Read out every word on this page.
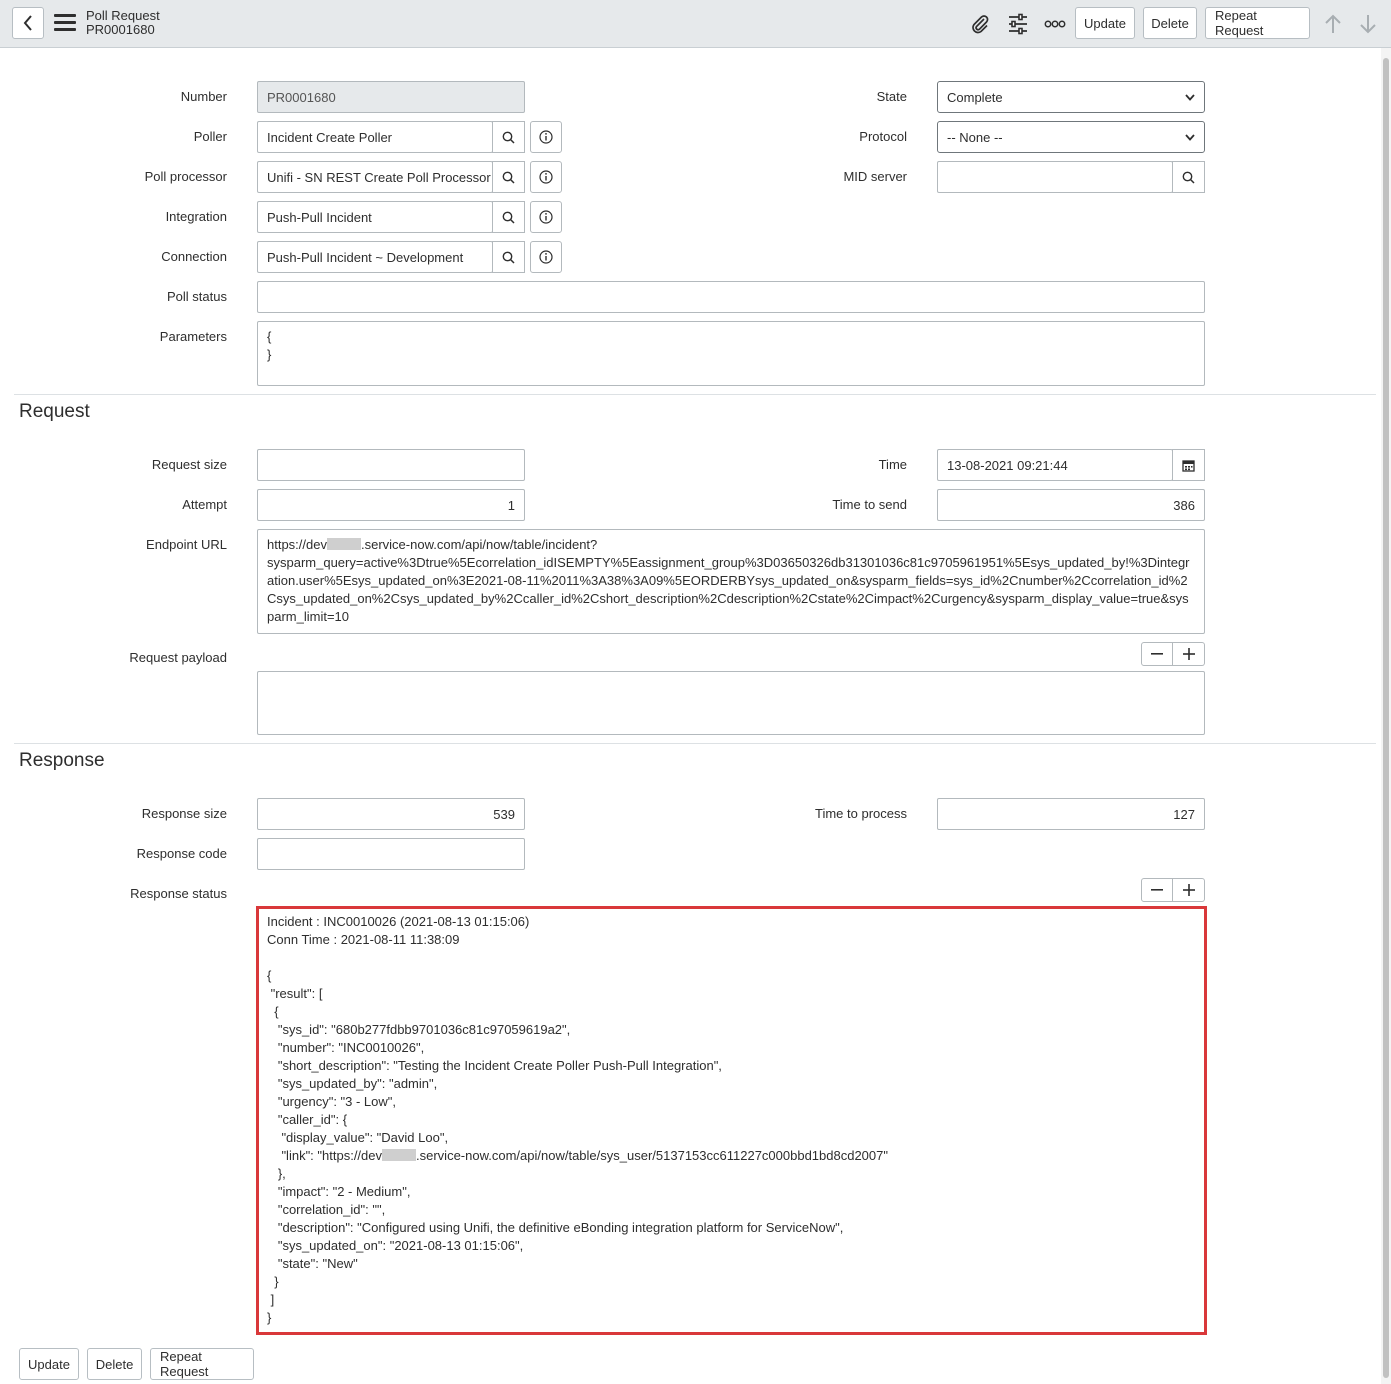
Poll Request
PR0001680	Update	Delete	Repeat Request
Number	PR0001680
Poller	Incident Create Poller
Poll processor	Unifi - SN REST Create Poll Processor
Integration	Push-Pull Incident
Connection	Push-Pull Incident ~ Development
Poll status
Parameters	{
}
State	Complete
Protocol	-- None --
MID server
Request
Request size
Attempt	1
Time	13-08-2021 09:21:44
Time to send	386
Endpoint URL	https://dev	.service-now.com/api/now/table/incident?
sysparm_query=active%3Dtrue%5Ecorrelation_idISEMPTY%5Eassignment_group%3D03650326db31301036c81c9705961951%5Esys_updated_by!%3Dintegration.user%5Esys_updated_on%3E2021-08-11%2011%3A38%3A09%5EORDERBYsys_updated_on&sysparm_fields=sys_id%2Cnumber%2Ccorrelation_id%2Csys_updated_on%2Csys_updated_by%2Ccaller_id%2Cshort_description%2Cdescription%2Cstate%2Cimpact%2Curgency&sysparm_display_value=true&sysparm_limit=10
Request payload
Response
Response size	539	Time to process	127
Response code
Response status
Incident : INC0010026 (2021-08-13 01:15:06)
Conn Time : 2021-08-11 11:38:09

{
"result": [
{
"sys_id": "680b277fdbb9701036c81c97059619a2",
"number": "INC0010026",
"short_description": "Testing the Incident Create Poller Push-Pull Integration",
"sys_updated_by": "admin",
"urgency": "3 - Low",
"caller_id": {
"display_value": "David Loo",
"link": "https://dev	.service-now.com/api/now/table/sys_user/5137153cc611227c000bbd1bd8cd2007"
},
"impact": "2 - Medium",
"correlation_id": "",
"description": "Configured using Unifi, the definitive eBonding integration platform for ServiceNow",
"sys_updated_on": "2021-08-13 01:15:06",
"state": "New"
}
]
}
Update	Delete	Repeat Request
